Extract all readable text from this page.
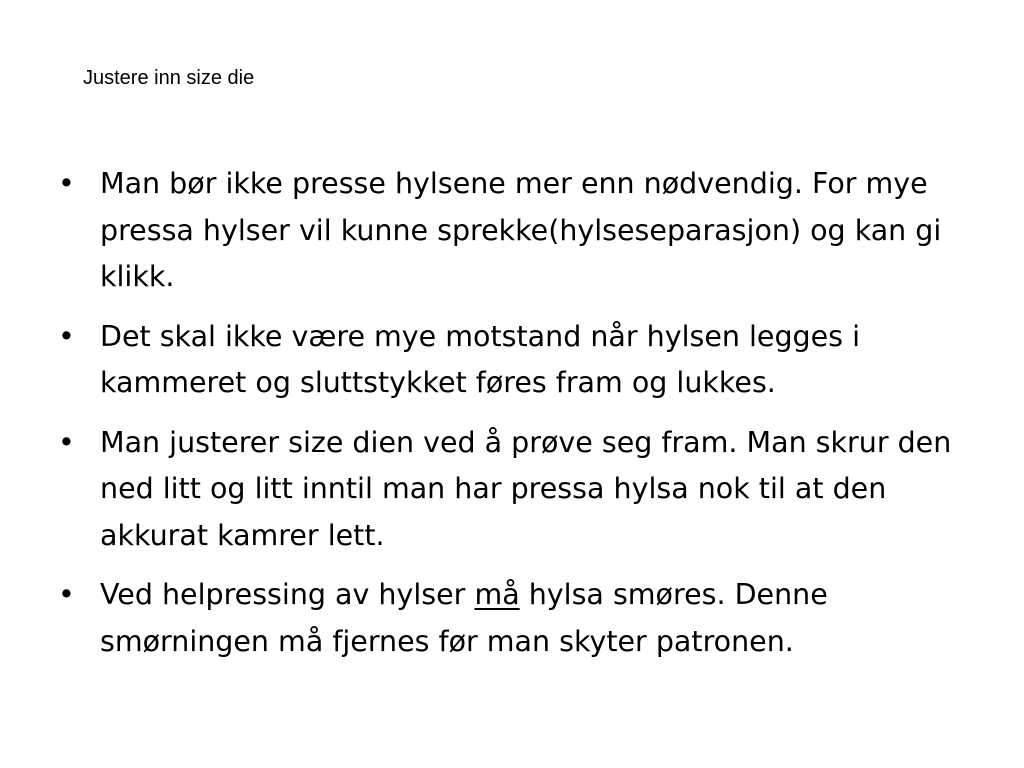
Justere inn size die
• Man bør ikke presse hylsene mer enn nødvendig. For mye pressa hylser vil kunne sprekke(hylseseparasjon) og kan gi klikk.
• Det skal ikke være mye motstand når hylsen legges i kammeret og sluttstykket føres fram og lukkes.
• Man justerer size dien ved å prøve seg fram. Man skrur den ned litt og litt inntil man har pressa hylsa nok til at den akkurat kamrer lett.
• Ved helpressing av hylser må hylsa smøres. Denne smørningen må fjernes før man skyter patronen.
